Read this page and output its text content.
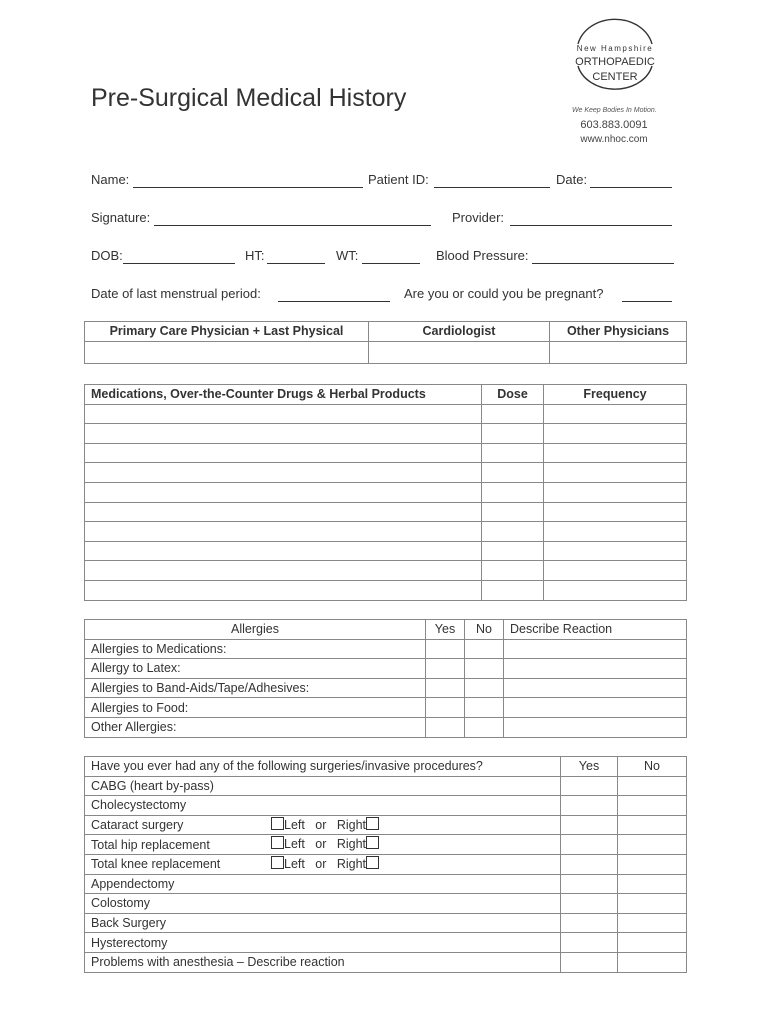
Pre-Surgical Medical History
New Hampshire
ORTHOPAEDIC
CENTER
We Keep Bodies In Motion.
603.883.0091
www.nhoc.com
Name:	Patient ID:	Date:
Signature:	Provider:
DOB:	HT:	WT:	Blood Pressure:
Date of last menstrual period:	Are you or could you be pregnant?
Primary Care Physician + Last Physical	Cardiologist	Other Physicians

Medications, Over-the-Counter Drugs & Herbal Products	Dose	Frequency

Allergies	Yes	No	Describe Reaction
Allergies to Medications:			
Allergy to Latex:			
Allergies to Band-Aids/Tape/Adhesives:			
Allergies to Food:			
Other Allergies:			
Have you ever had any of the following surgeries/invasive procedures?	Yes	No
CABG (heart by-pass)		
Cholecystectomy		
Cataract surgery Left or Right		

Total hip replacement Left or Right		

Total knee replacement Left or Right		

Appendectomy		
Colostomy		
Back Surgery		
Hysterectomy		
Problems with anesthesia – Describe reaction		
